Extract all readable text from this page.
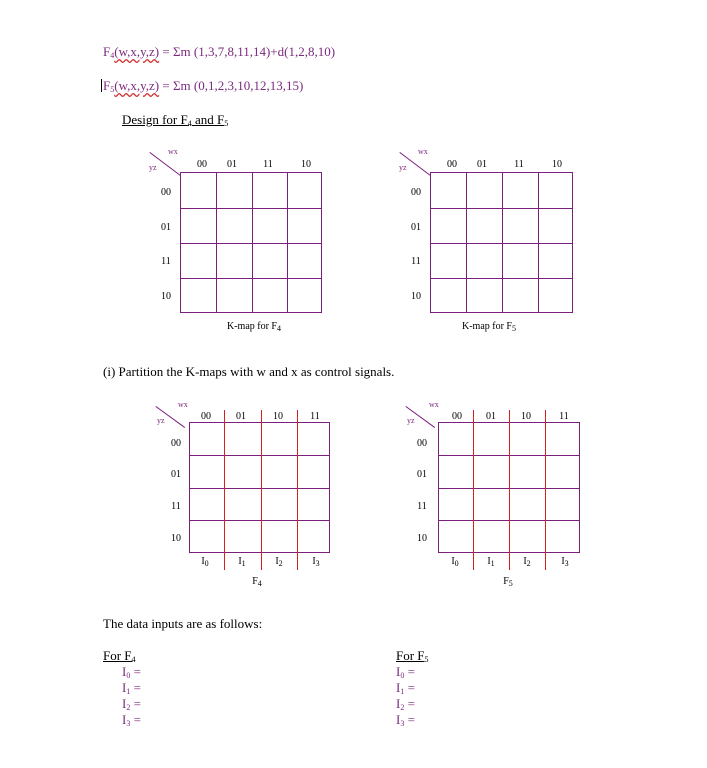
$F_4(w,x,y,z) = \Sigma m$ (1,3,7,8,11,14)+d(1,2,8,10)
$F_5(w,x,y,z) = \Sigma m$ (0,1,2,3,10,12,13,15)
Design for $F_4$ and $F_5$
wx
yz	00	01	11	10
00
01
11
10
K-map for $F_4$
wx
yz	00	01	11	10
00
01
11
10
K-map for $F_5$
(i) Partition the K-maps with w and x as control signals.
wx
yz	00	01	10	11
00
01
11
10
$I_0$	$I_1$	$I_2$	$I_3$
$F_4$
wx
yz	00	01	10	11
00
01
11
10
$I_0$	$I_1$	$I_2$	$I_3$
$F_5$
The data inputs are as follows:
For $F_4$
$I_0$ =
$I_1$ =
$I_2$ =
$I_3$ =
For $F_5$
$I_0$ =
$I_1$ =
$I_2$ =
$I_3$ =
